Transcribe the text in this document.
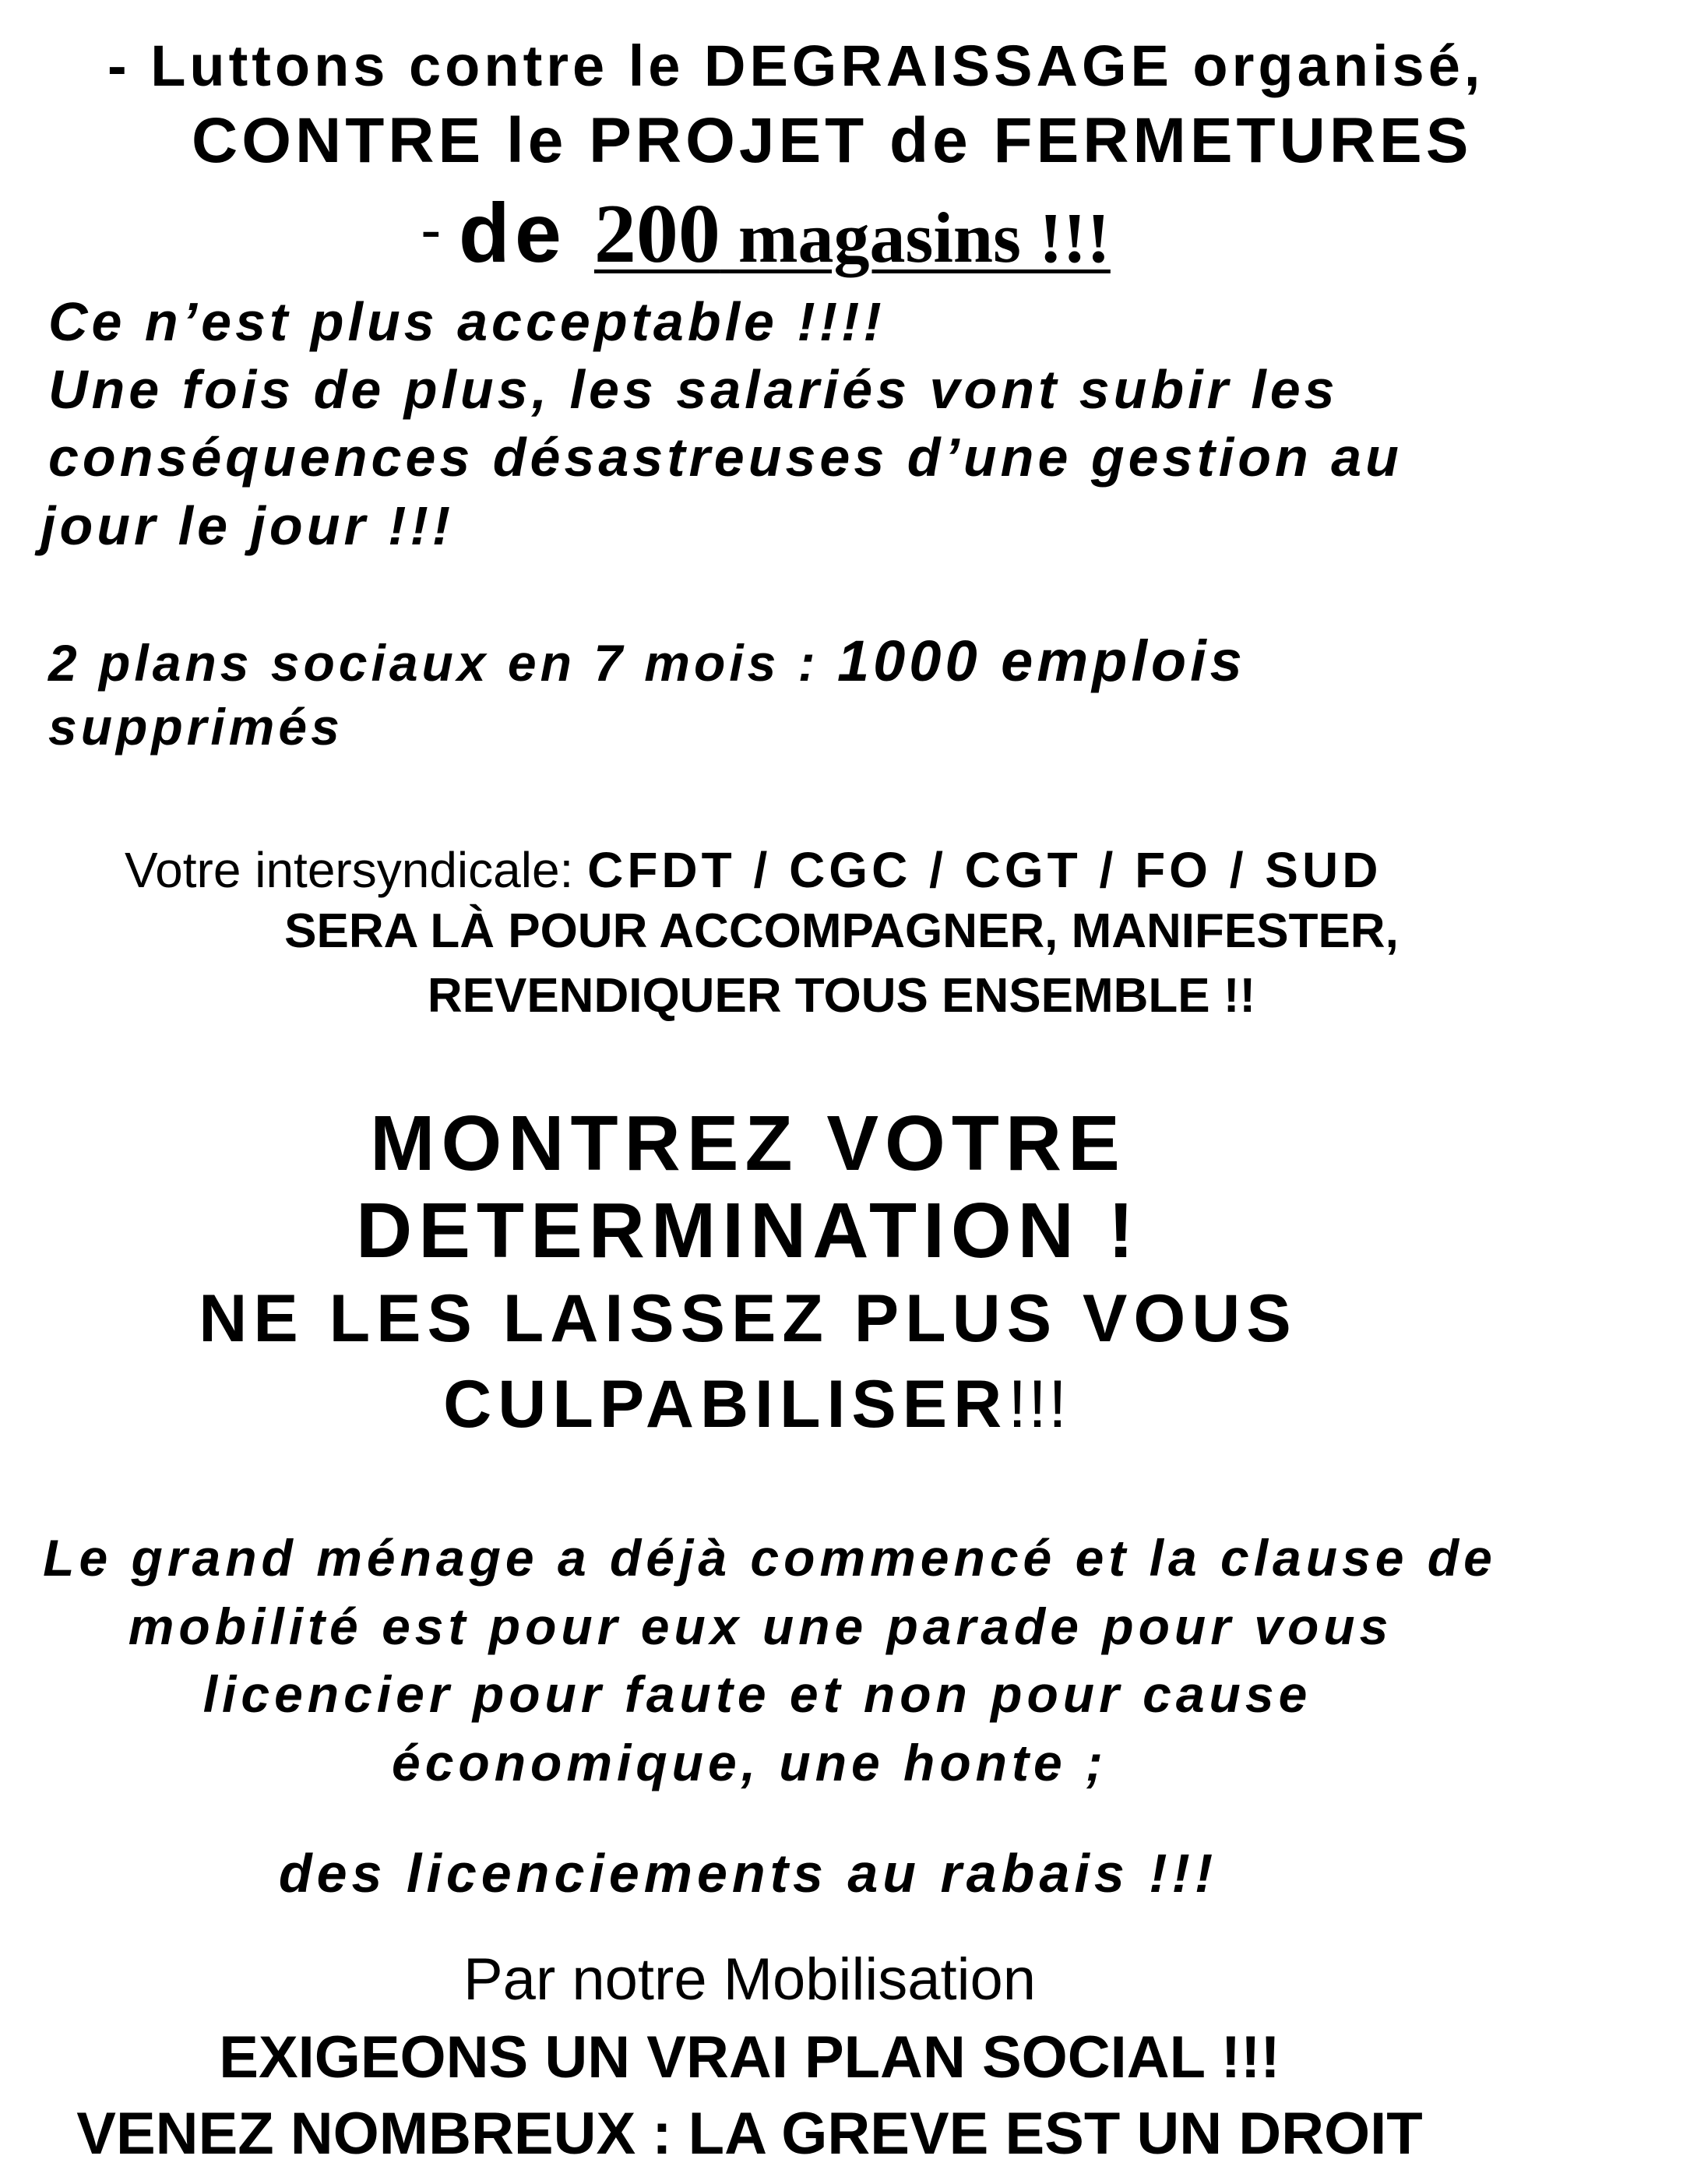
- Luttons contre le DEGRAISSAGE organisé,

CONTRE le PROJET de FERMETURES

- de 200 magasins !!!

Ce n’est plus acceptable !!!!

Une fois de plus, les salariés vont subir les

conséquences désastreuses d’une gestion au

jour le jour !!!

2 plans sociaux en 7 mois : 1000 emplois

supprimés

Votre intersyndicale: CFDT / CGC / CGT / FO / SUD

SERA LÀ POUR ACCOMPAGNER, MANIFESTER,

REVENDIQUER TOUS ENSEMBLE !!

MONTREZ VOTRE

DETERMINATION !

NE LES LAISSEZ PLUS VOUS

CULPABILISER!!!

Le grand ménage a déjà commencé et la clause de

mobilité est pour eux une parade pour vous

licencier pour faute et non pour cause

économique, une honte ;

des licenciements au rabais !!!

Par notre Mobilisation

EXIGEONS UN VRAI PLAN SOCIAL !!!

VENEZ NOMBREUX : LA GREVE EST UN DROIT
